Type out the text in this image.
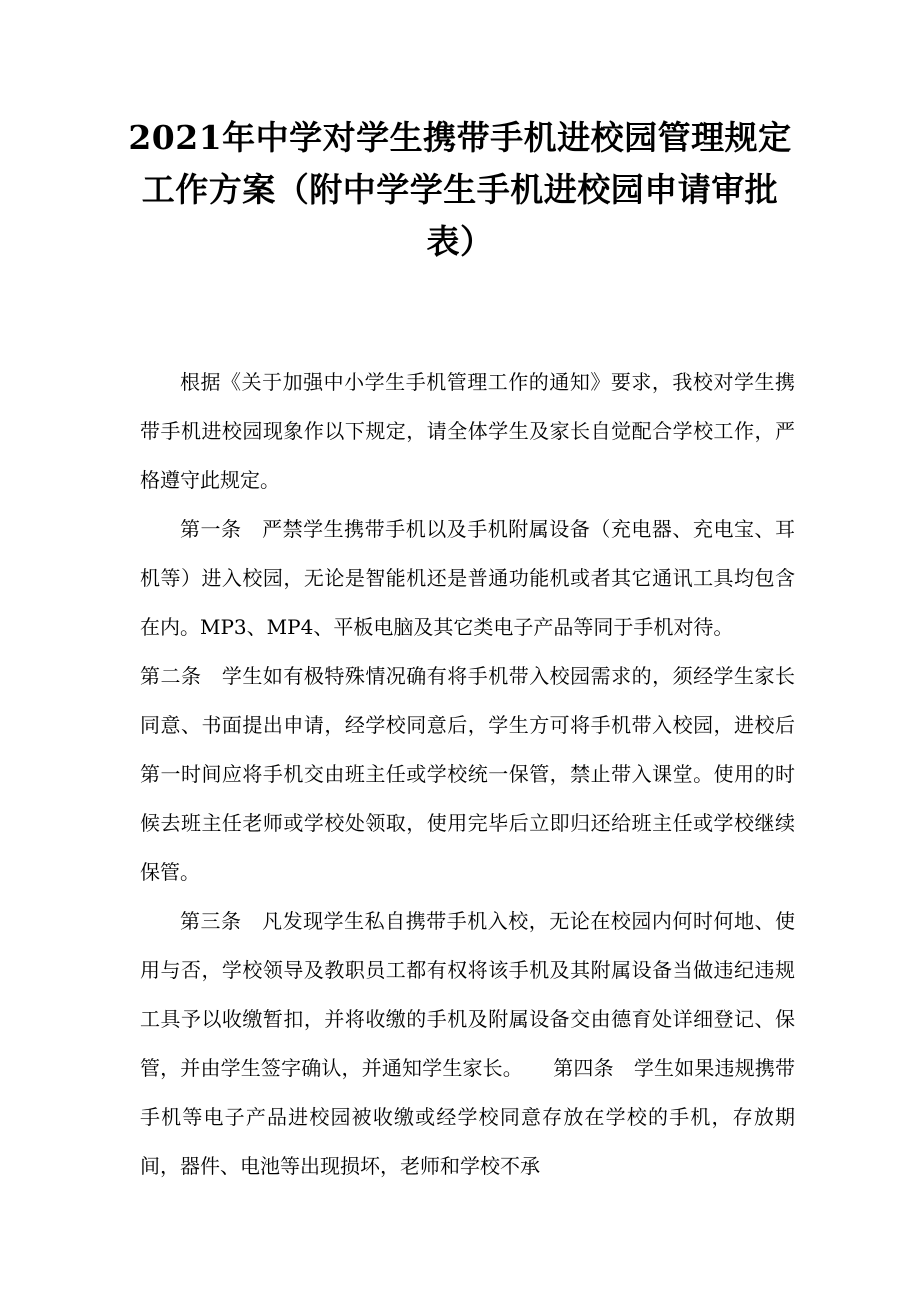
2021年中学对学生携带手机进校园管理规定工作方案（附中学学生手机进校园申请审批表）

根据《关于加强中小学生手机管理工作的通知》要求，我校对学生携带手机进校园现象作以下规定，请全体学生及家长自觉配合学校工作，严格遵守此规定。

第一条　严禁学生携带手机以及手机附属设备（充电器、充电宝、耳机等）进入校园，无论是智能机还是普通功能机或者其它通讯工具均包含在内。MP3、MP4、平板电脑及其它类电子产品等同于手机对待。

第二条　学生如有极特殊情况确有将手机带入校园需求的，须经学生家长同意、书面提出申请，经学校同意后，学生方可将手机带入校园，进校后第一时间应将手机交由班主任或学校统一保管，禁止带入课堂。使用的时候去班主任老师或学校处领取，使用完毕后立即归还给班主任或学校继续保管。

第三条　凡发现学生私自携带手机入校，无论在校园内何时何地、使用与否，学校领导及教职员工都有权将该手机及其附属设备当做违纪违规工具予以收缴暂扣，并将收缴的手机及附属设备交由德育处详细登记、保管，并由学生签字确认，并通知学生家长。　　第四条　学生如果违规携带手机等电子产品进校园被收缴或经学校同意存放在学校的手机，存放期间，器件、电池等出现损坏，老师和学校不承
